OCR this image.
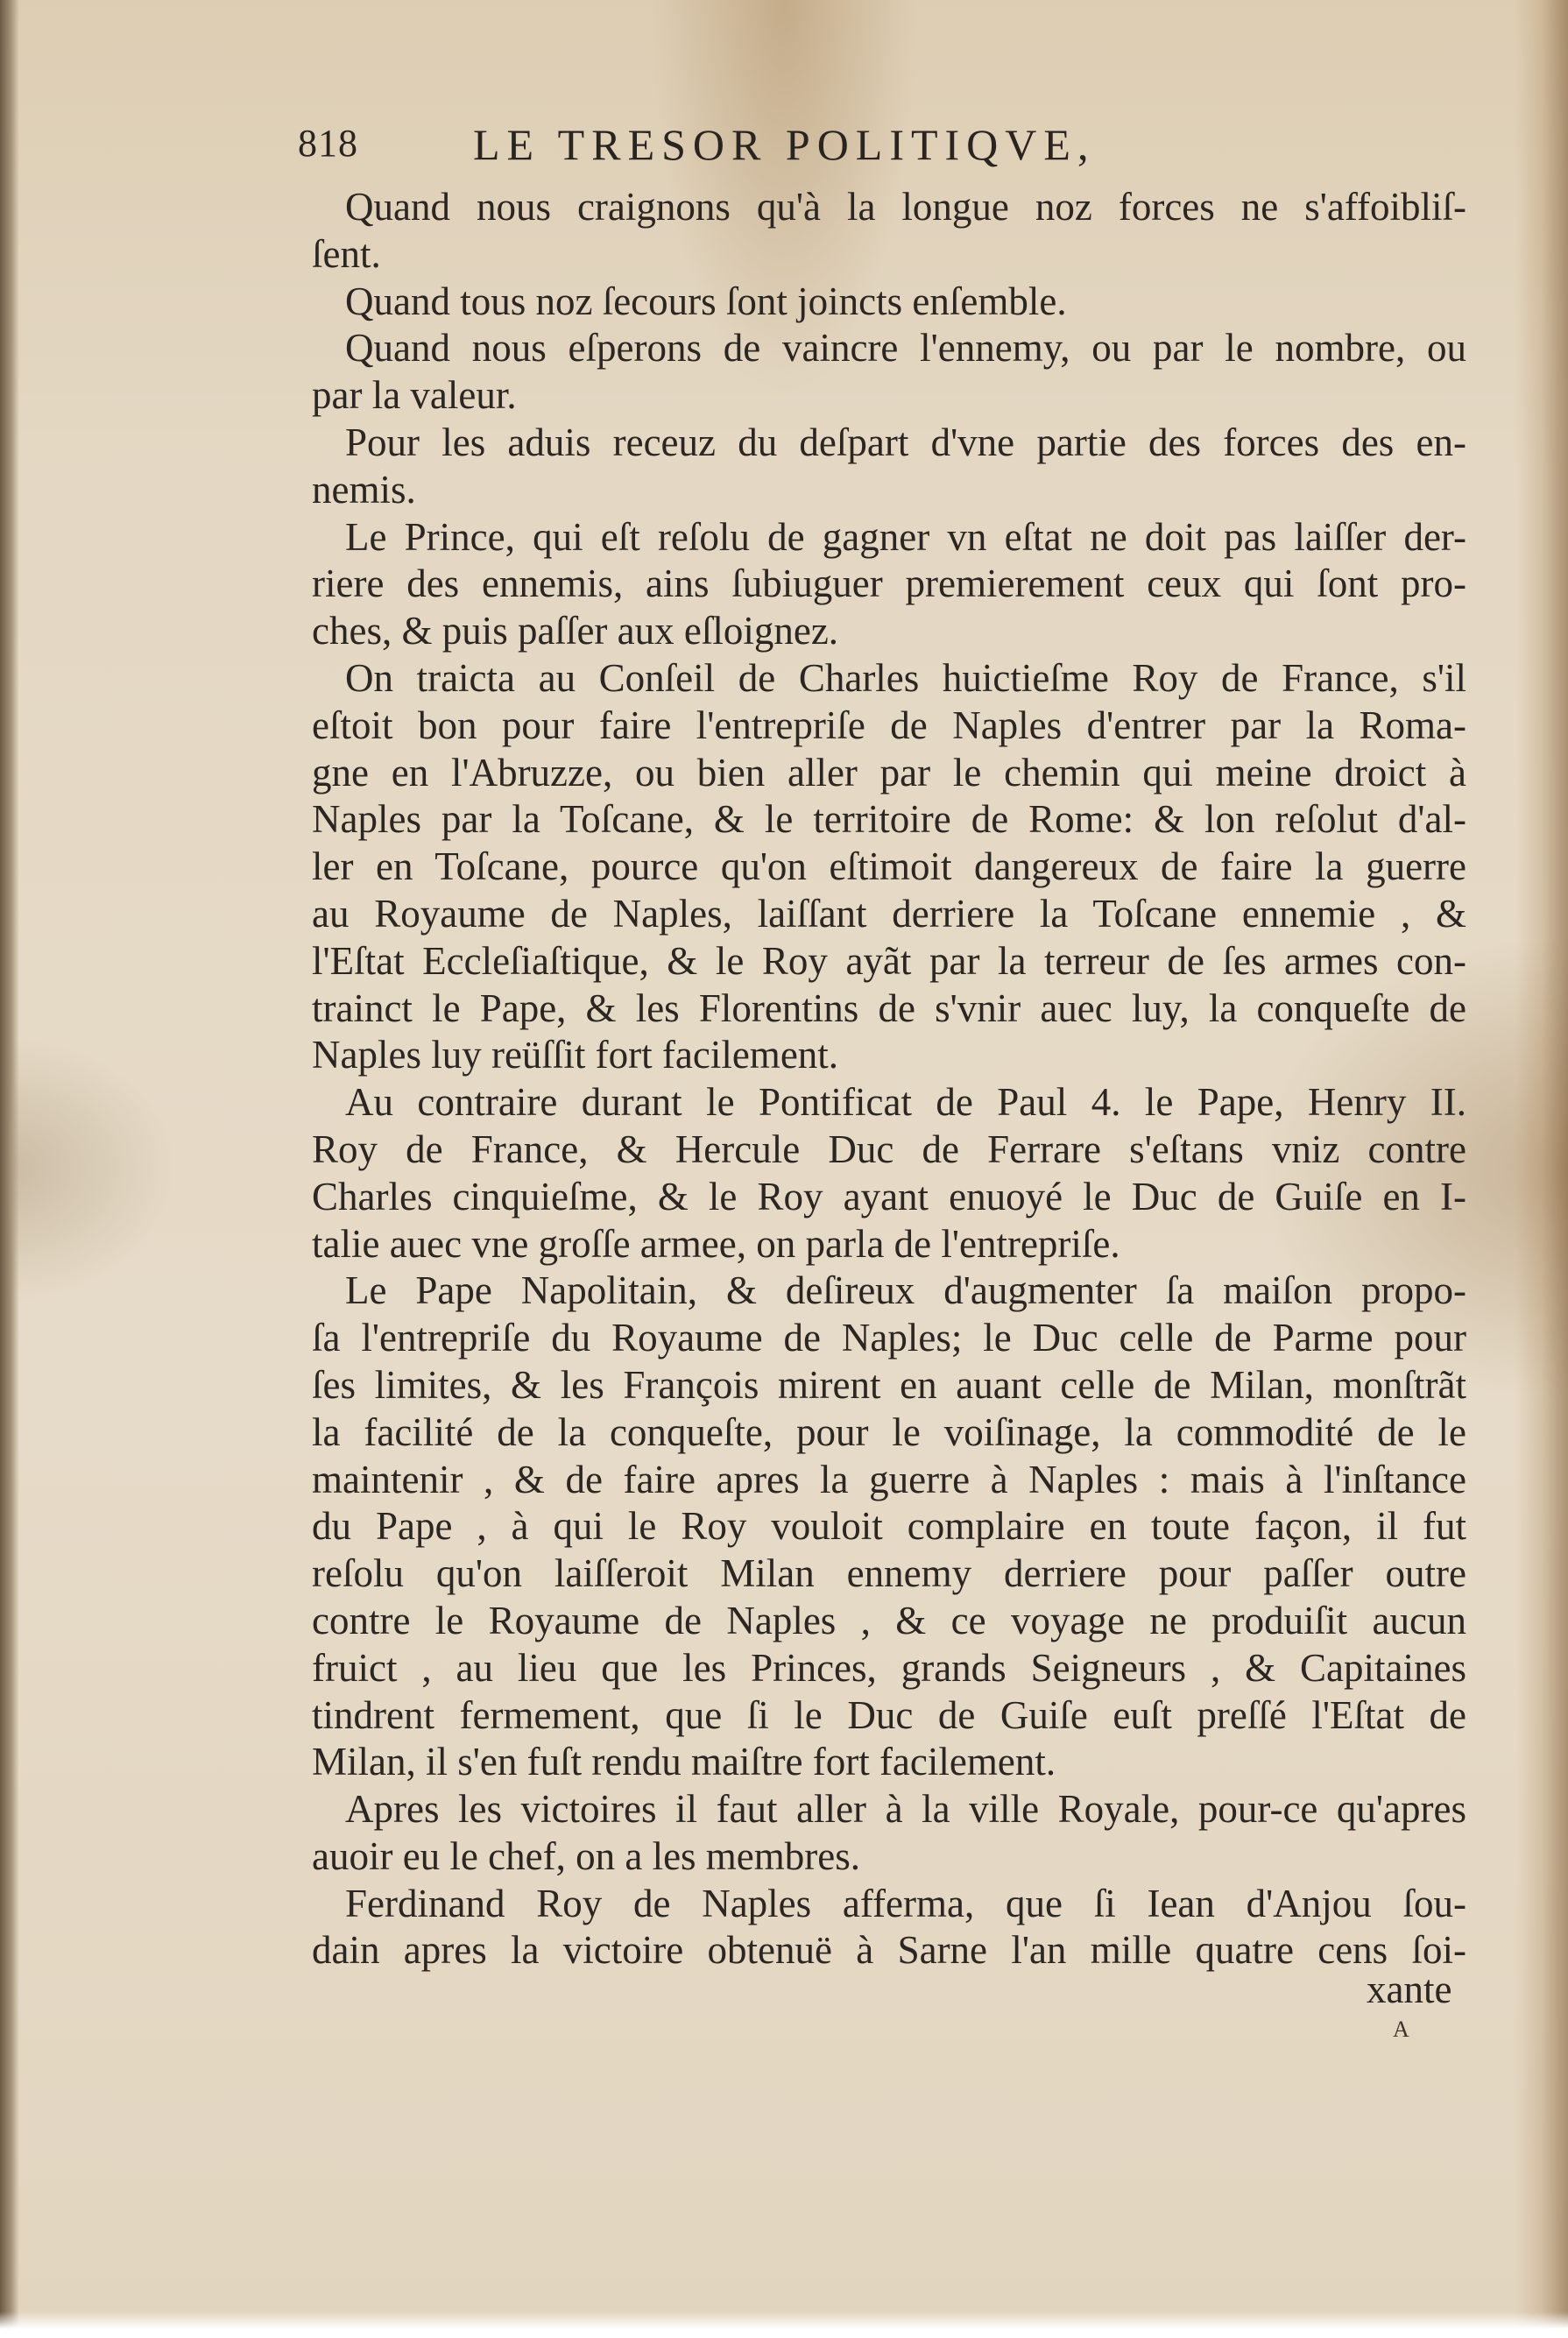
818	LE TRESOR POLITIQVE,
Quand nous craignons qu'à la longue noz forces ne s'affoibliſ-
ſent.
Quand tous noz ſecours ſont joincts enſemble.
Quand nous eſperons de vaincre l'ennemy, ou par le nombre, ou
par la valeur.
Pour les aduis receuz du deſpart d'vne partie des forces des en-
nemis.
Le Prince, qui eſt reſolu de gagner vn eſtat ne doit pas laiſſer der-
riere des ennemis, ains ſubiuguer premierement ceux qui ſont pro-
ches, & puis paſſer aux eſloignez.
On traicta au Conſeil de Charles huictieſme Roy de France, s'il
eſtoit bon pour faire l'entrepriſe de Naples d'entrer par la Roma-
gne en l'Abruzze, ou bien aller par le chemin qui meine droict à
Naples par la Toſcane, & le territoire de Rome: & lon reſolut d'al-
ler en Toſcane, pource qu'on eſtimoit dangereux de faire la guerre
au Royaume de Naples, laiſſant derriere la Toſcane ennemie , &
l'Eſtat Eccleſiaſtique, & le Roy ayãt par la terreur de ſes armes con-
trainct le Pape, & les Florentins de s'vnir auec luy, la conqueſte de
Naples luy reüſſit fort facilement.
Au contraire durant le Pontificat de Paul 4. le Pape, Henry II.
Roy de France, & Hercule Duc de Ferrare s'eſtans vniz contre
Charles cinquieſme, & le Roy ayant enuoyé le Duc de Guiſe en I-
talie auec vne groſſe armee, on parla de l'entrepriſe.
Le Pape Napolitain, & deſireux d'augmenter ſa maiſon propo-
ſa l'entrepriſe du Royaume de Naples; le Duc celle de Parme pour
ſes limites, & les François mirent en auant celle de Milan, monſtrãt
la facilité de la conqueſte, pour le voiſinage, la commodité de le
maintenir , & de faire apres la guerre à Naples : mais à l'inſtance
du Pape , à qui le Roy vouloit complaire en toute façon, il fut
reſolu qu'on laiſſeroit Milan ennemy derriere pour paſſer outre
contre le Royaume de Naples , & ce voyage ne produiſit aucun
fruict , au lieu que les Princes, grands Seigneurs , & Capitaines
tindrent fermement, que ſi le Duc de Guiſe euſt preſſé l'Eſtat de
Milan, il s'en fuſt rendu maiſtre fort facilement.
Apres les victoires il faut aller à la ville Royale, pour-ce qu'apres
auoir eu le chef, on a les membres.
Ferdinand Roy de Naples afferma, que ſi Iean d'Anjou ſou-
dain apres la victoire obtenuë à Sarne l'an mille quatre cens ſoi-
xante
A
